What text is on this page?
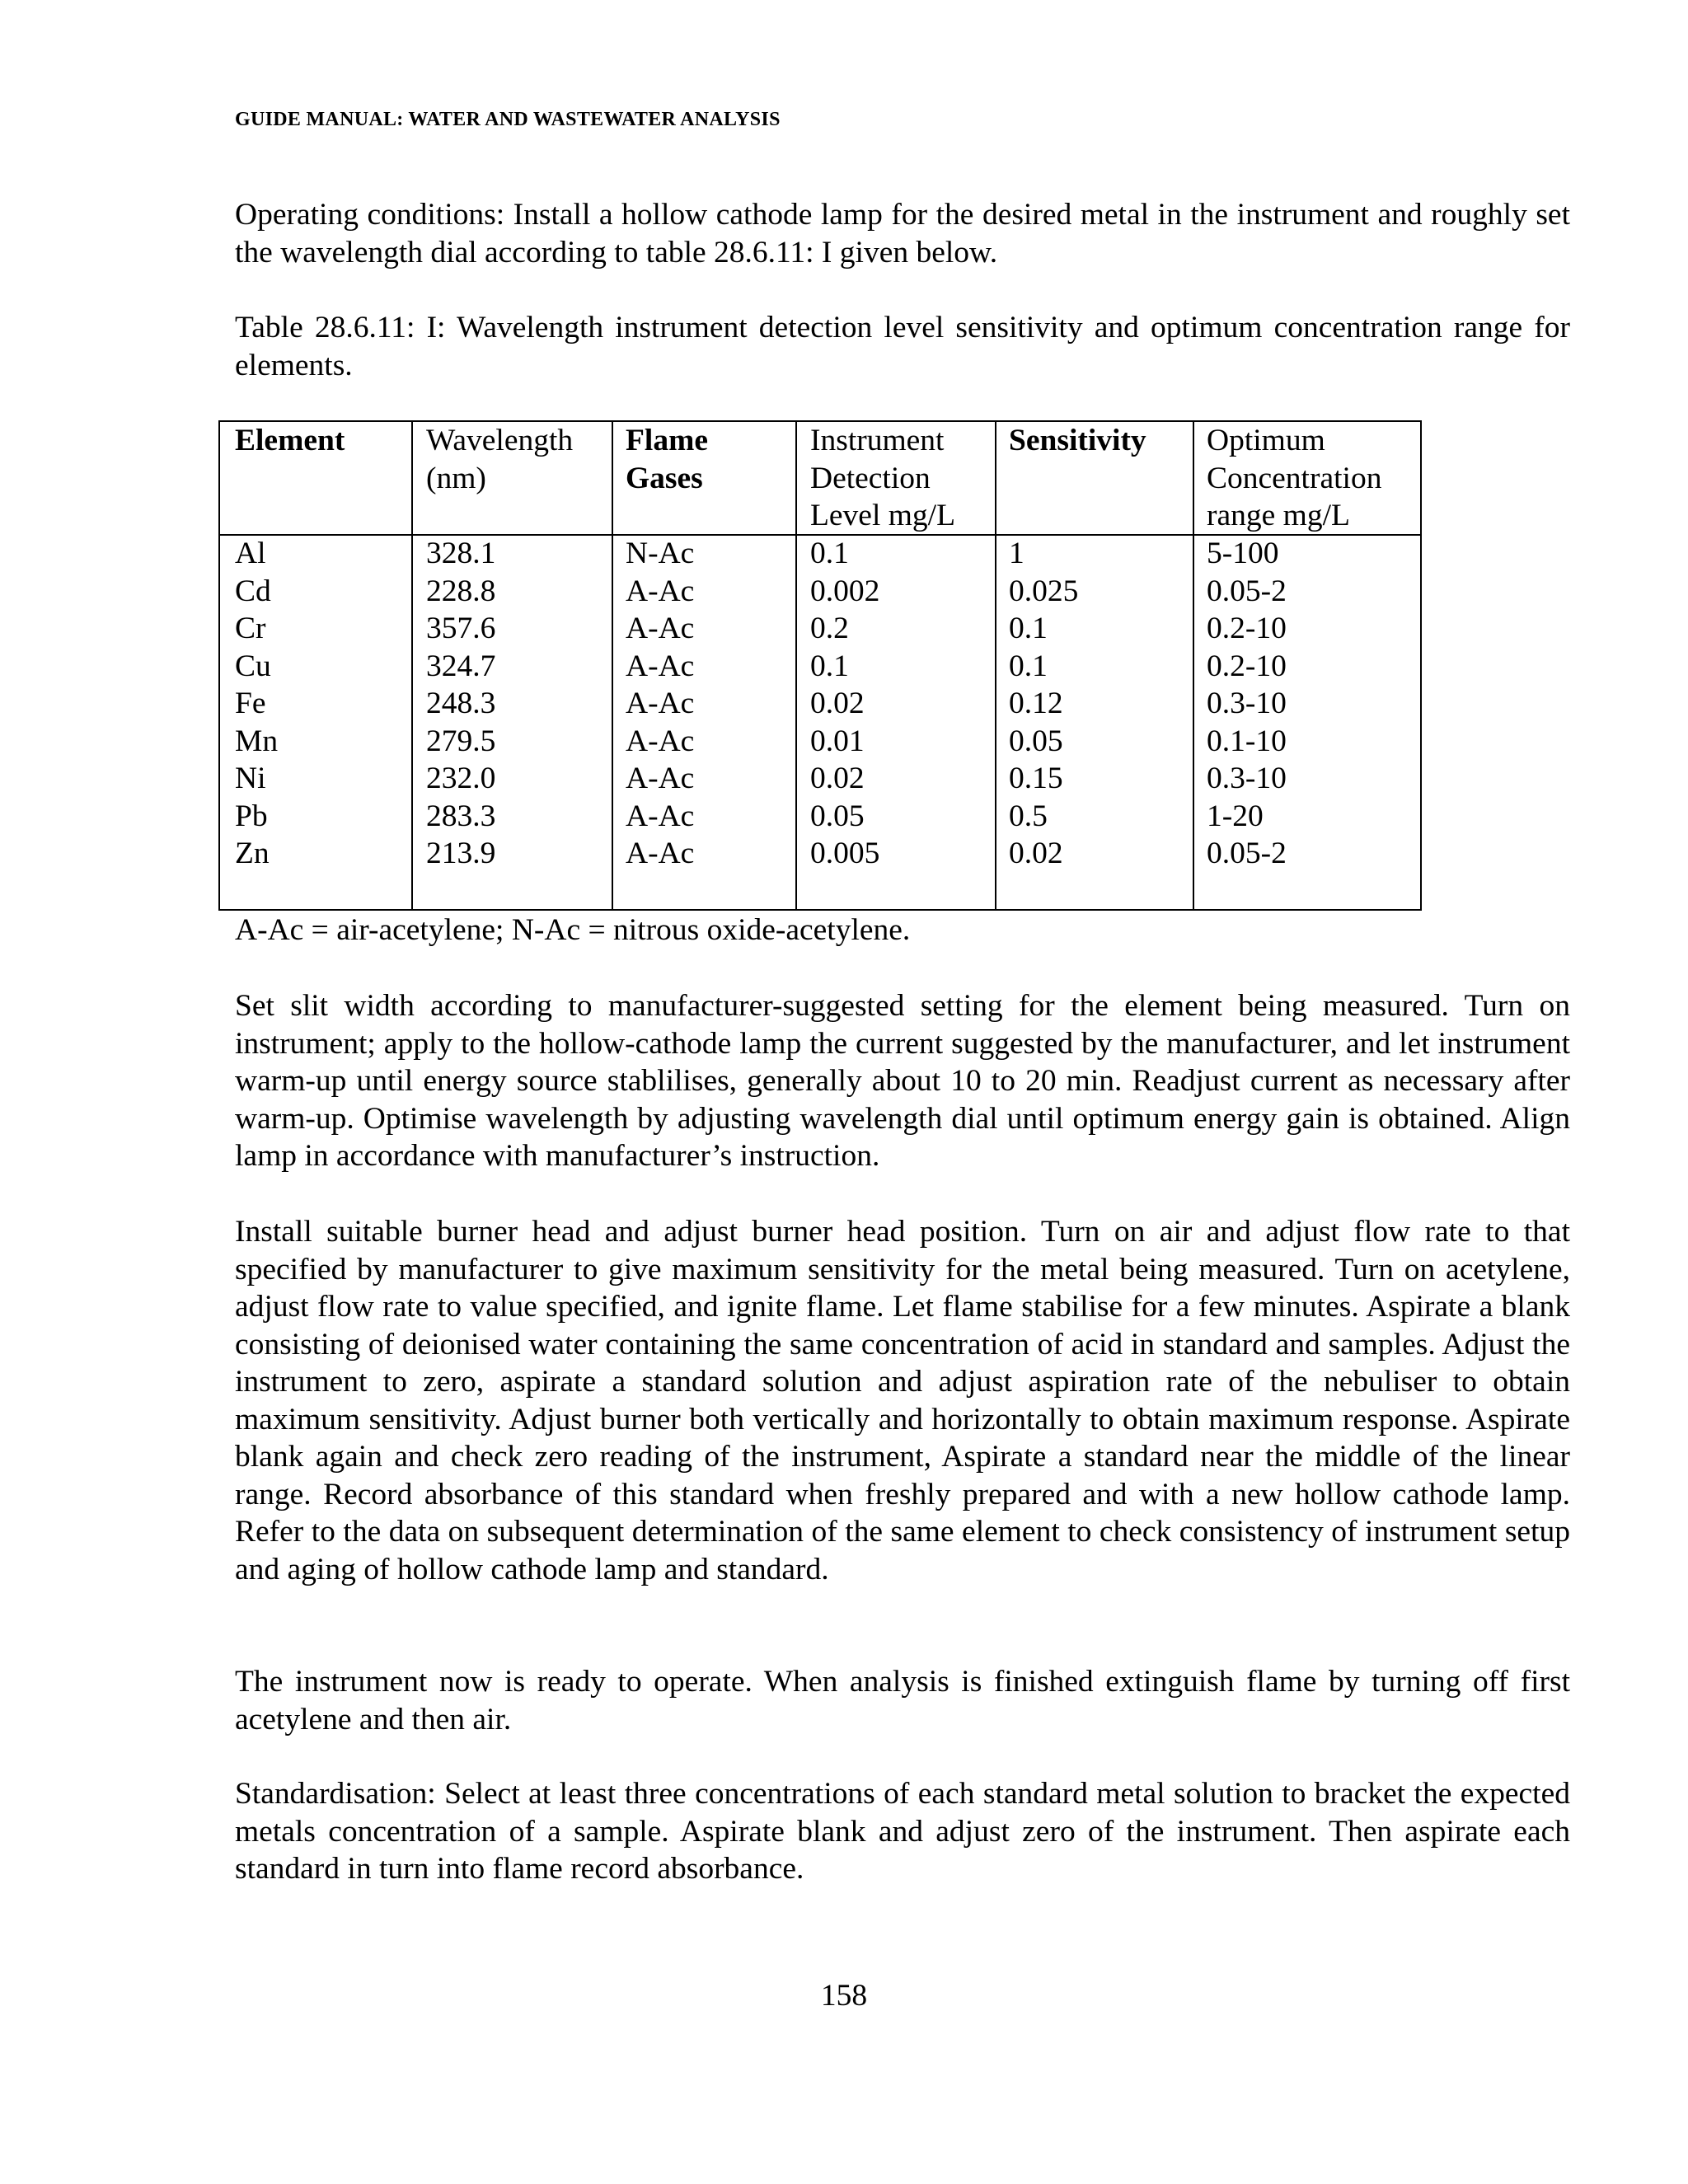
GUIDE MANUAL: WATER AND WASTEWATER ANALYSIS

Operating conditions: Install a hollow cathode lamp for the desired metal in the instrument and roughly set the wavelength dial according to table 28.6.11: I given below.

Table 28.6.11: I: Wavelength instrument detection level sensitivity and optimum concentration range for elements.

Element
Al
Cd
Cr
Cu
Fe
Mn
Ni
Pb
Zn
Wavelength
(nm)
328.1
228.8
357.6
324.7
248.3
279.5
232.0
283.3
213.9
Flame
Gases
N-Ac
A-Ac
A-Ac
A-Ac
A-Ac
A-Ac
A-Ac
A-Ac
A-Ac
Instrument
Detection
Level mg/L
0.1
0.002
0.2
0.1
0.02
0.01
0.02
0.05
0.005
Sensitivity
1
0.025
0.1
0.1
0.12
0.05
0.15
0.5
0.02
Optimum
Concentration
range mg/L
5-100
0.05-2
0.2-10
0.2-10
0.3-10
0.1-10
0.3-10
1-20
0.05-2

A-Ac = air-acetylene; N-Ac = nitrous oxide-acetylene.

Set slit width according to manufacturer-suggested setting for the element being measured. Turn on instrument; apply to the hollow-cathode lamp the current suggested by the manufacturer, and let instrument warm-up until energy source stablilises, generally about 10 to 20 min. Readjust current as necessary after warm-up. Optimise wavelength by adjusting wavelength dial until optimum energy gain is obtained. Align lamp in accordance with manufacturer’s instruction.

Install suitable burner head and adjust burner head position. Turn on air and adjust flow rate to that specified by manufacturer to give maximum sensitivity for the metal being measured. Turn on acetylene, adjust flow rate to value specified, and ignite flame. Let flame stabilise for a few minutes. Aspirate a blank consisting of deionised water containing the same concentration of acid in standard and samples. Adjust the instrument to zero, aspirate a standard solution and adjust aspiration rate of the nebuliser to obtain maximum sensitivity. Adjust burner both vertically and horizontally to obtain maximum response. Aspirate blank again and check zero reading of the instrument, Aspirate a standard near the middle of the linear range. Record absorbance of this standard when freshly prepared and with a new hollow cathode lamp. Refer to the data on subsequent determination of the same element to check consistency of instrument setup and aging of hollow cathode lamp and standard.

The instrument now is ready to operate. When analysis is finished extinguish flame by turning off first acetylene and then air.

Standardisation: Select at least three concentrations of each standard metal solution to bracket the expected metals concentration of a sample. Aspirate blank and adjust zero of the instrument. Then aspirate each standard in turn into flame record absorbance.

158
